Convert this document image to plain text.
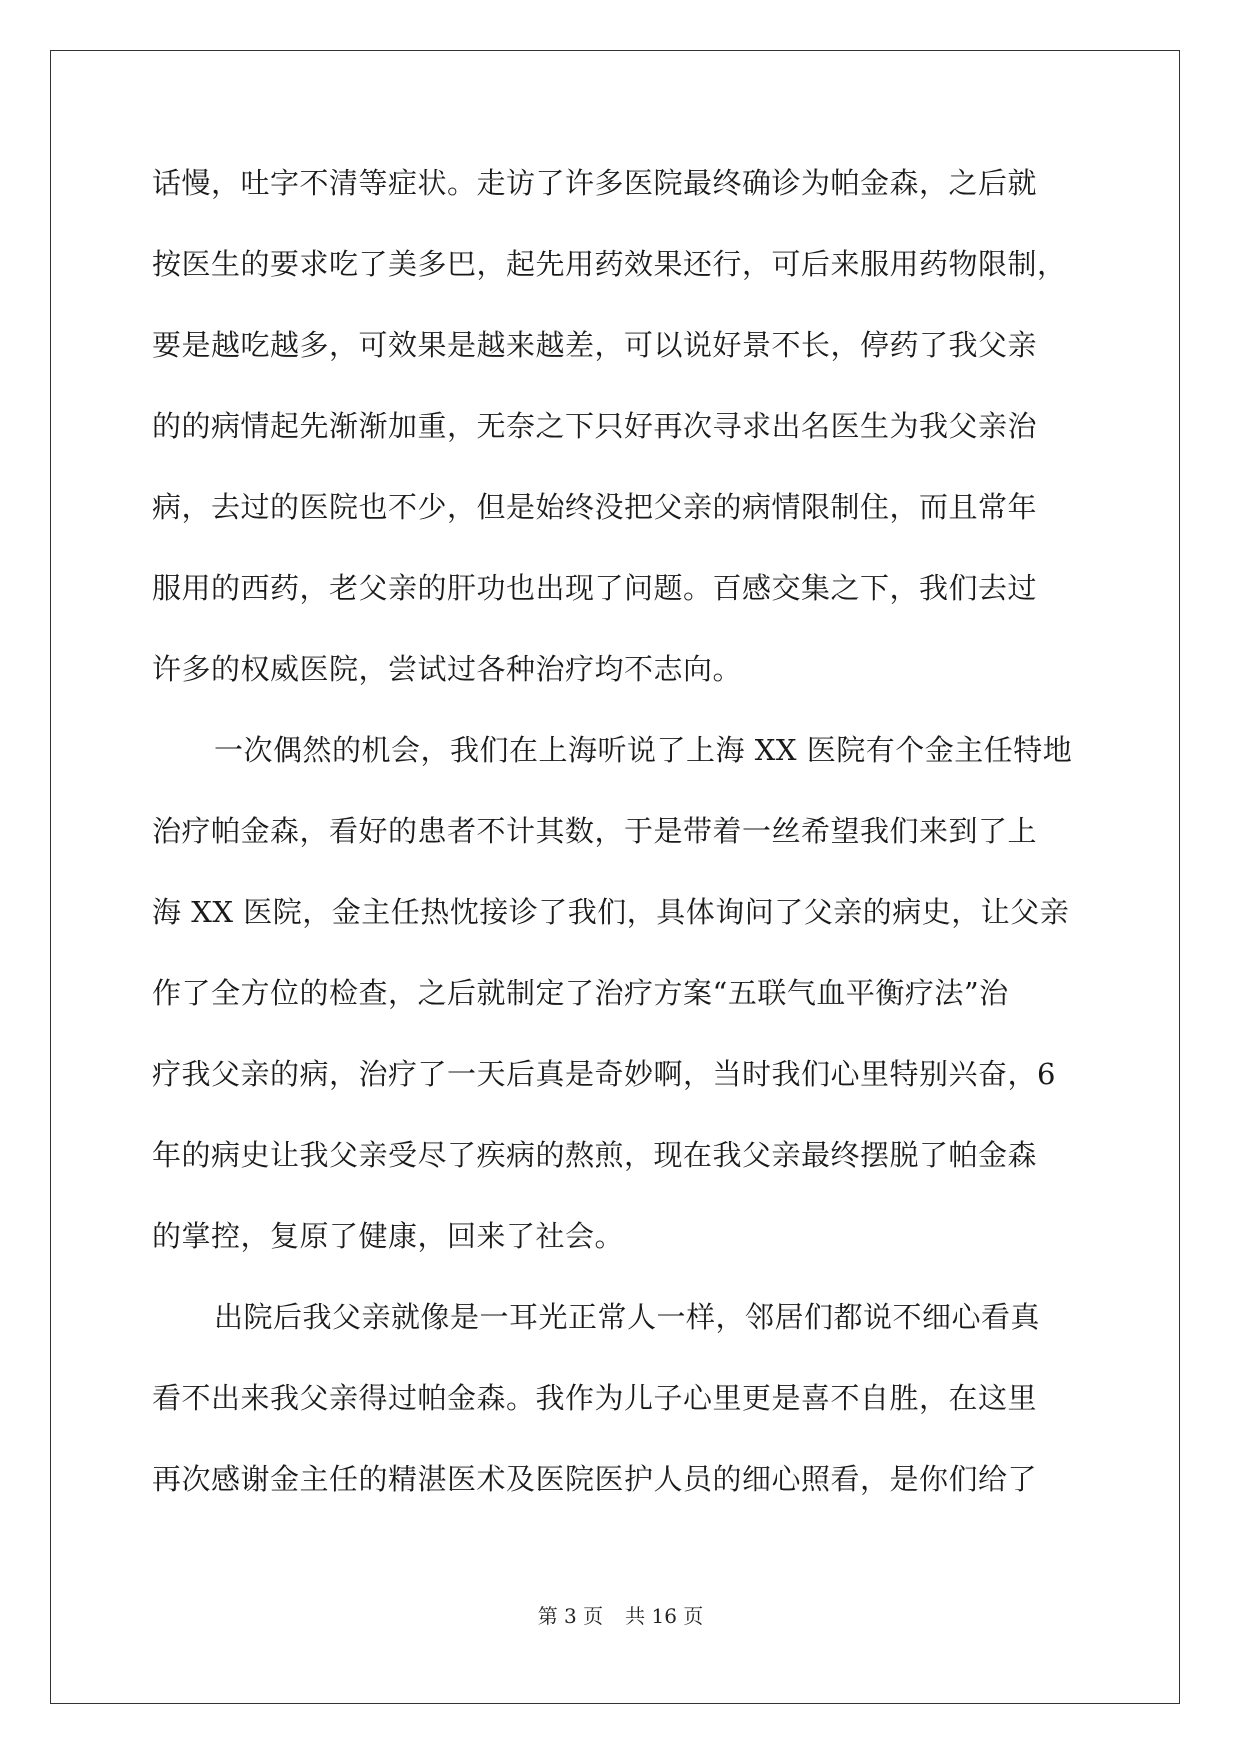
话慢，吐字不清等症状。走访了许多医院最终确诊为帕金森，之后就
按医生的要求吃了美多巴，起先用药效果还行，可后来服用药物限制，
要是越吃越多，可效果是越来越差，可以说好景不长，停药了我父亲
的的病情起先渐渐加重，无奈之下只好再次寻求出名医生为我父亲治
病，去过的医院也不少，但是始终没把父亲的病情限制住，而且常年
服用的西药，老父亲的肝功也出现了问题。百感交集之下，我们去过
许多的权威医院，尝试过各种治疗均不志向。
一次偶然的机会，我们在上海听说了上海 XX 医院有个金主任特地
治疗帕金森，看好的患者不计其数，于是带着一丝希望我们来到了上
海 XX 医院，金主任热忱接诊了我们，具体询问了父亲的病史，让父亲
作了全方位的检查，之后就制定了治疗方案“五联气血平衡疗法”治
疗我父亲的病，治疗了一天后真是奇妙啊，当时我们心里特别兴奋，6
年的病史让我父亲受尽了疾病的熬煎，现在我父亲最终摆脱了帕金森
的掌控，复原了健康，回来了社会。
出院后我父亲就像是一耳光正常人一样，邻居们都说不细心看真
看不出来我父亲得过帕金森。我作为儿子心里更是喜不自胜，在这里
再次感谢金主任的精湛医术及医院医护人员的细心照看，是你们给了
第 3 页 共 16 页
